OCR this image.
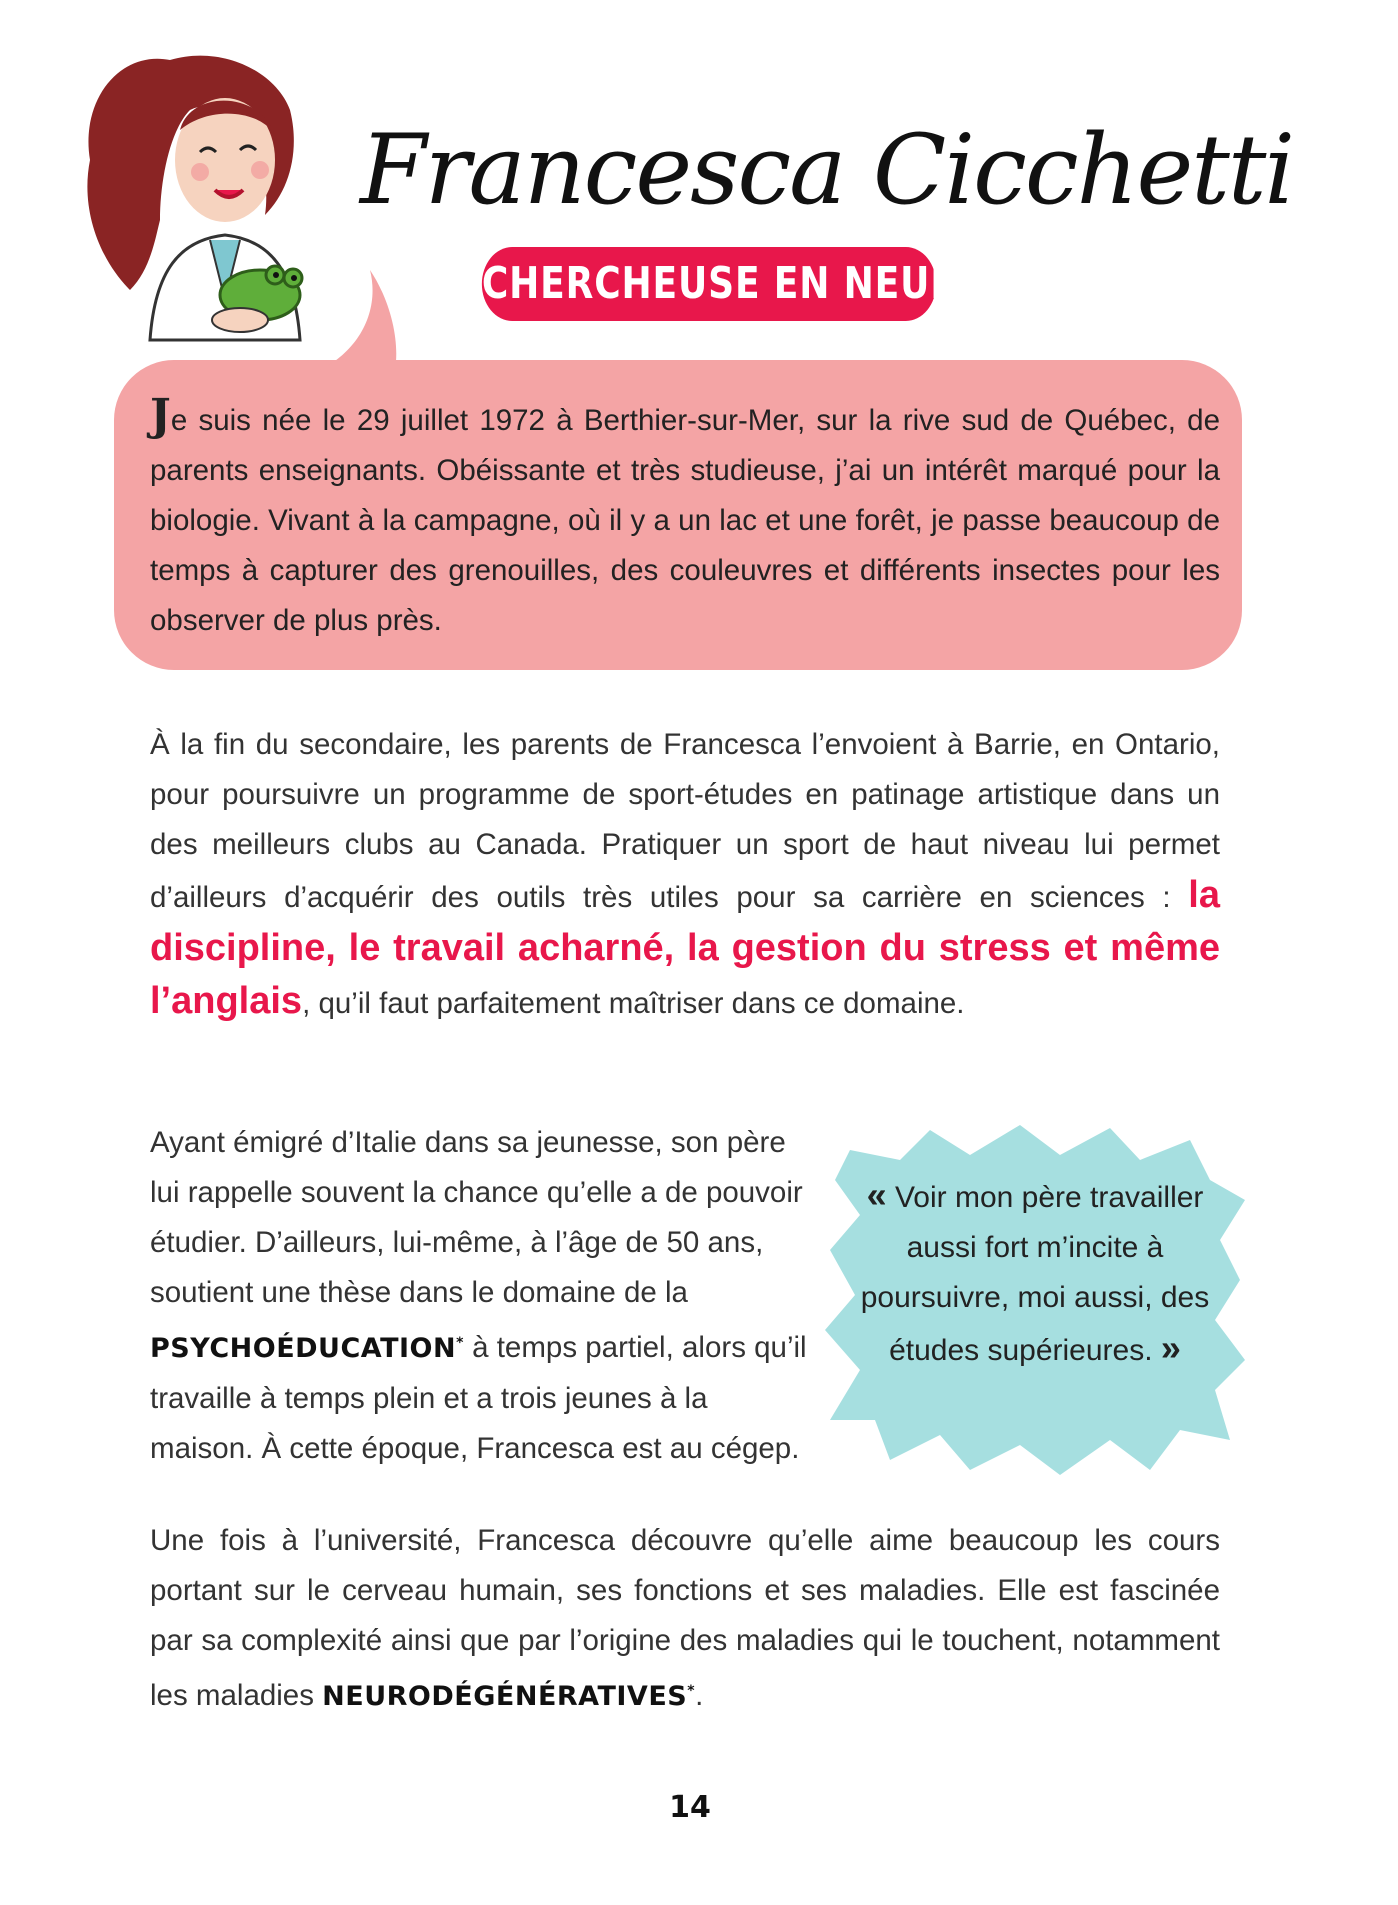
Francesca Cicchetti
CHERCHEUSE EN NEUROSCIENCES

Je suis née le 29 juillet 1972 à Berthier-sur-Mer, sur la rive sud de Québec, de parents enseignants. Obéissante et très studieuse, j’ai un intérêt marqué pour la biologie. Vivant à la campagne, où il y a un lac et une forêt, je passe beaucoup de temps à capturer des grenouilles, des couleuvres et différents insectes pour les observer de plus près.

À la fin du secondaire, les parents de Francesca l’envoient à Barrie, en Ontario, pour poursuivre un programme de sport-études en patinage artistique dans un des meilleurs clubs au Canada. Pratiquer un sport de haut niveau lui permet d’ailleurs d’acquérir des outils très utiles pour sa carrière en sciences : la discipline, le travail acharné, la gestion du stress et même l’anglais, qu’il faut parfaitement maîtriser dans ce domaine.

Ayant émigré d’Italie dans sa jeunesse, son père lui rappelle souvent la chance qu’elle a de pouvoir étudier. D’ailleurs, lui-même, à l’âge de 50 ans, soutient une thèse dans le domaine de la PSYCHOÉDUCATION* à temps partiel, alors qu’il travaille à temps plein et a trois jeunes à la maison. À cette époque, Francesca est au cégep.

« Voir mon père travailler aussi fort m’incite à poursuivre, moi aussi, des études supérieures. »

Une fois à l’université, Francesca découvre qu’elle aime beaucoup les cours portant sur le cerveau humain, ses fonctions et ses maladies. Elle est fascinée par sa complexité ainsi que par l’origine des maladies qui le touchent, notamment les maladies NEURODÉGÉNÉRATIVES*.

14
